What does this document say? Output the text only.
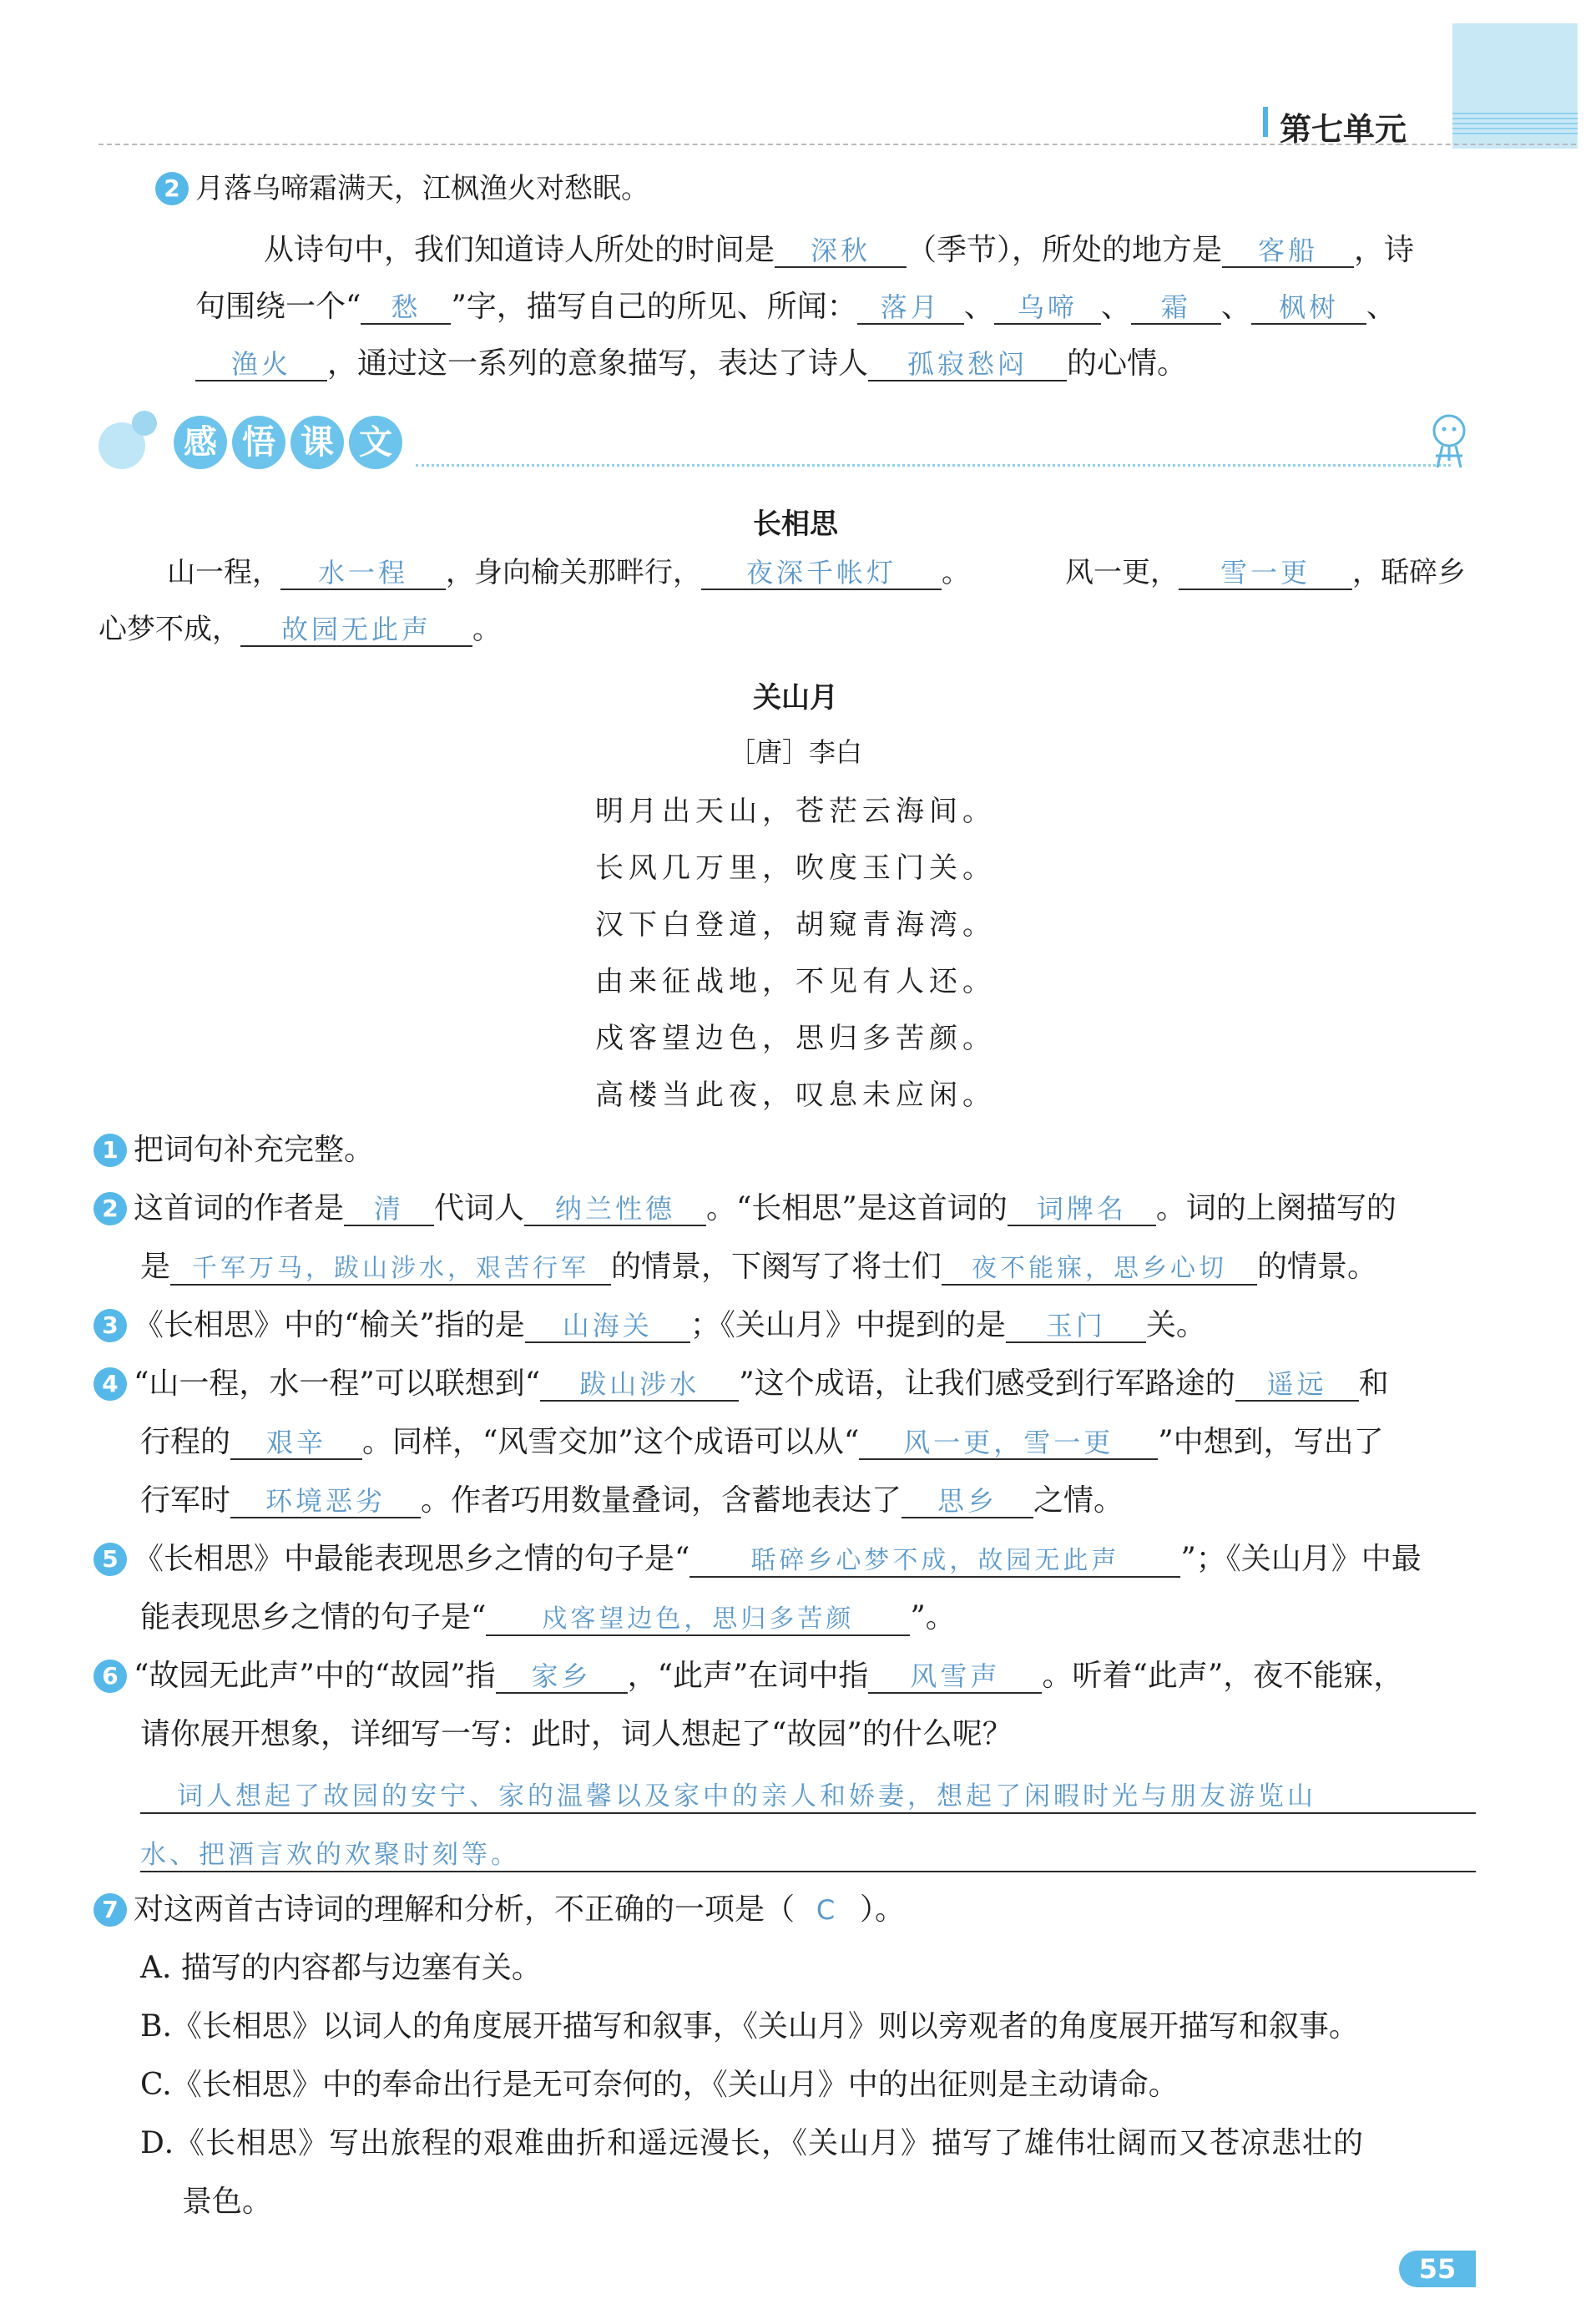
第七单元
2 月落乌啼霜满天，江枫渔火对愁眠。
从诗句中，我们知道诗人所处的时间是 深秋 （季节），所处的地方是 客船 ，诗
句围绕一个“ 愁 ”字，描写自己的所见、所闻： 落月 、 乌啼 、 霜 、 枫树 、
渔火 ，通过这一系列的意象描写，表达了诗人 孤寂愁闷 的心情。
感 悟 课 文
长相思
山一程， 水一程 ，身向榆关那畔行， 夜深千帐灯 。	风一更， 雪一更 ，聒碎乡
心梦不成， 故园无此声 。
关山月
［唐］李白
明月出天山，苍茫云海间。
长风几万里，吹度玉门关。
汉下白登道，胡窥青海湾。
由来征战地，不见有人还。
戍客望边色，思归多苦颜。
高楼当此夜，叹息未应闲。
1 把词句补充完整。
2 这首词的作者是 清 代词人 纳兰性德 。“长相思”是这首词的 词牌名 。词的上阕描写的
是 千军万马，跋山涉水，艰苦行军 的情景，下阕写了将士们 夜不能寐，思乡心切 的情景。
3 《长相思》中的“榆关”指的是 山海关 ；《关山月》中提到的是 玉门 关。
4 “山一程，水一程”可以联想到“ 跋山涉水 ”这个成语，让我们感受到行军路途的 遥远 和
行程的 艰辛 。同样，“风雪交加”这个成语可以从“ 风一更，雪一更 ”中想到，写出了
行军时 环境恶劣 。作者巧用数量叠词，含蓄地表达了 思乡 之情。
5 《长相思》中最能表现思乡之情的句子是“ 聒碎乡心梦不成，故园无此声 ”；《关山月》中最
能表现思乡之情的句子是“ 戍客望边色，思归多苦颜 ”。
6 “故园无此声”中的“故园”指 家乡 ，“此声”在词中指 风雪声 。听着“此声”，夜不能寐，
请你展开想象，详细写一写：此时，词人想起了“故园”的什么呢？
词人想起了故园的安宁、家的温馨以及家中的亲人和娇妻，想起了闲暇时光与朋友游览山
水、把酒言欢的欢聚时刻等。
7 对这两首古诗词的理解和分析，不正确的一项是（ C ）。
A. 描写的内容都与边塞有关。
B.《长相思》以词人的角度展开描写和叙事，《关山月》则以旁观者的角度展开描写和叙事。
C.《长相思》中的奉命出行是无可奈何的，《关山月》中的出征则是主动请命。
D.《长相思》写出旅程的艰难曲折和遥远漫长，《关山月》描写了雄伟壮阔而又苍凉悲壮的
景色。
55
